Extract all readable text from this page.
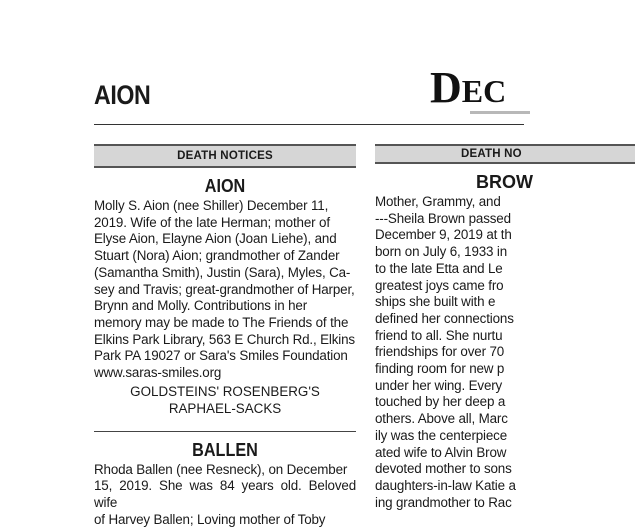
AION	DEC
DEATH NOTICES
AION
Molly S. Aion (nee Shiller) December 11,
2019. Wife of the late Herman; mother of
Elyse Aion, Elayne Aion (Joan Liehe), and
Stuart (Nora) Aion; grandmother of Zander
(Samantha Smith), Justin (Sara), Myles, Ca-
sey and Travis; great-grandmother of Harper,
Brynn and Molly. Contributions in her
memory may be made to The Friends of the
Elkins Park Library, 563 E Church Rd., Elkins
Park PA 19027 or Sara's Smiles Foundation
www.saras-smiles.org
GOLDSTEINS' ROSENBERG'S
RAPHAEL-SACKS
BALLEN
Rhoda Ballen (nee Resneck), on December
15, 2019. She was 84 years old. Beloved wife
of Harvey Ballen; Loving mother of Toby
DEATH NO
BROW
Mother, Grammy, and
---Sheila Brown passed
December 9, 2019 at th
born on July 6, 1933 in
to the late Etta and Le
greatest joys came fro
ships she built with e
defined her connections
friend to all. She nurtu
friendships for over 70
finding room for new p
under her wing. Every
touched by her deep a
others. Above all, Marc
ily was the centerpiece
ated wife to Alvin Brow
devoted mother to sons
daughters-in-law Katie a
ing grandmother to Rac
